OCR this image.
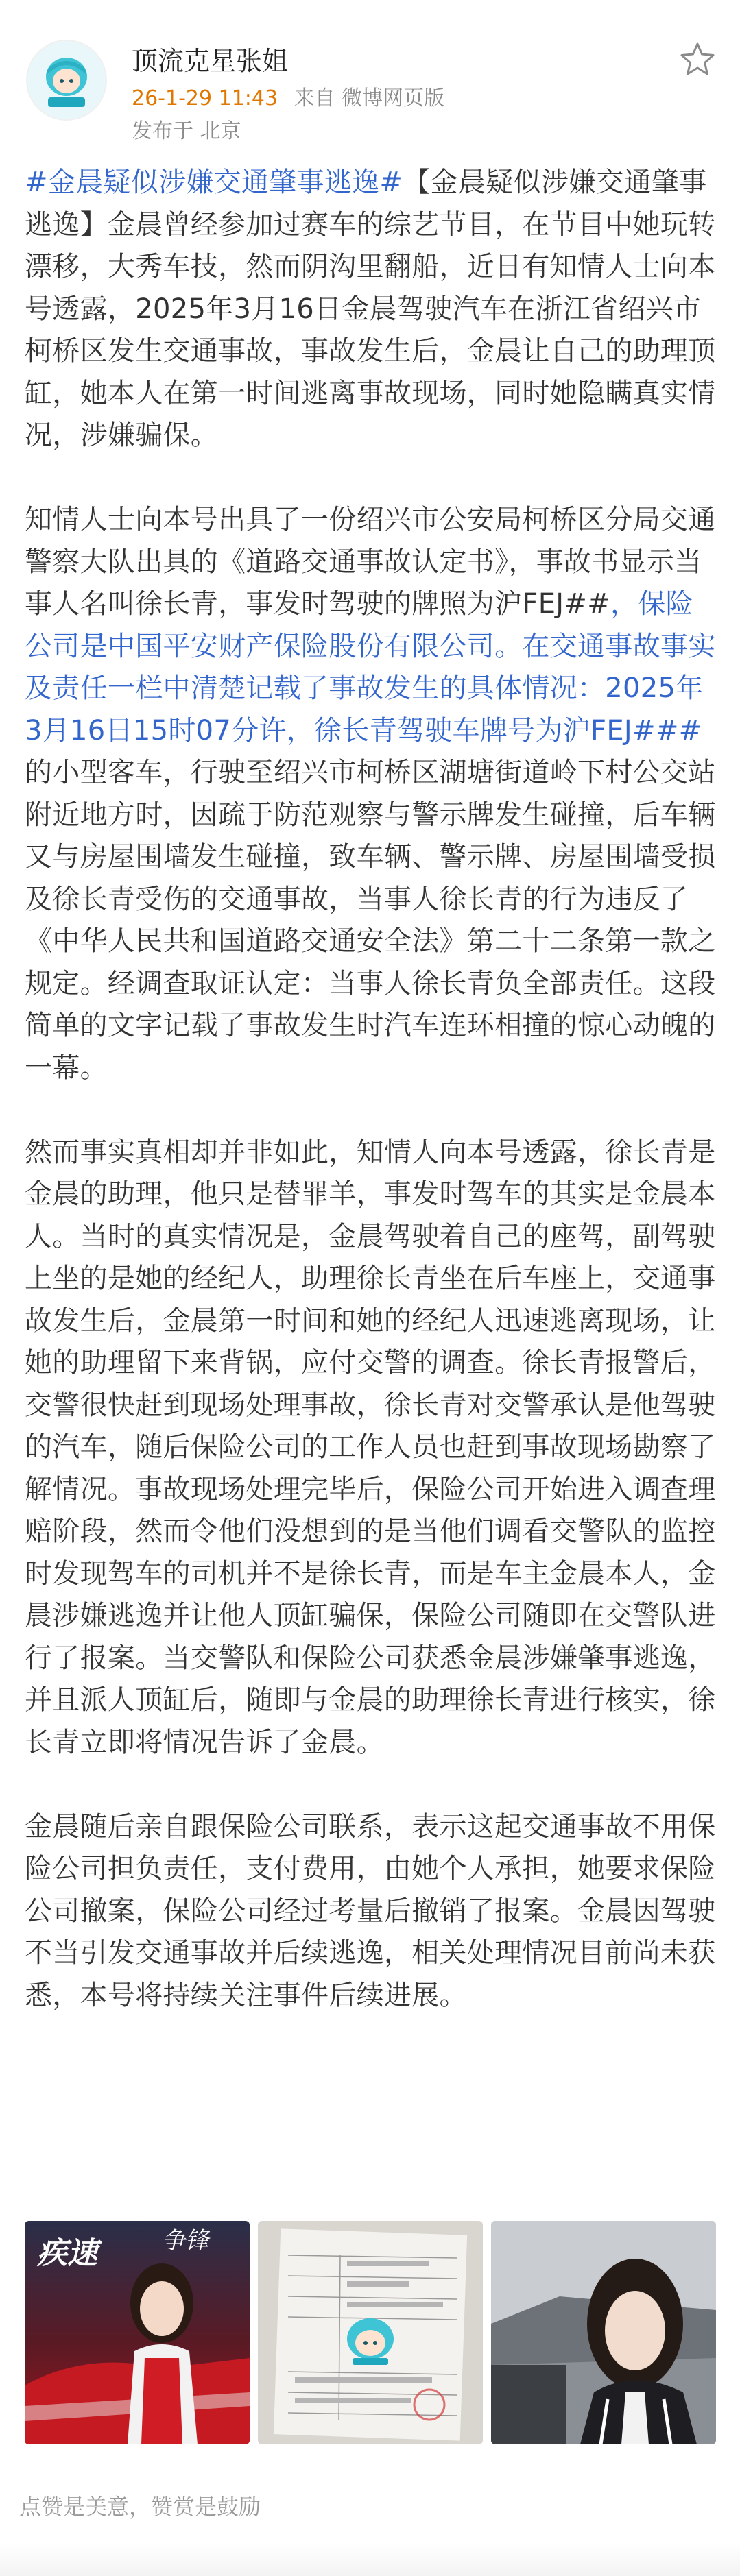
顶流克星张姐
26-1-29 11:43 来自 微博网页版
发布于 北京

#金晨疑似涉嫌交通肇事逃逸#【金晨疑似涉嫌交通肇事逃逸】金晨曾经参加过赛车的综艺节目，在节目中她玩转漂移，大秀车技，然而阴沟里翻船，近日有知情人士向本号透露，2025年3月16日金晨驾驶汽车在浙江省绍兴市柯桥区发生交通事故，事故发生后，金晨让自己的助理顶缸，她本人在第一时间逃离事故现场，同时她隐瞒真实情况，涉嫌骗保。

知情人士向本号出具了一份绍兴市公安局柯桥区分局交通警察大队出具的《道路交通事故认定书》，事故书显示当事人名叫徐长青，事发时驾驶的牌照为沪FEJ##，保险公司是中国平安财产保险股份有限公司。在交通事故事实及责任一栏中清楚记载了事故发生的具体情况：2025年3月16日15时07分许，徐长青驾驶车牌号为沪FEJ###的小型客车，行驶至绍兴市柯桥区湖塘街道岭下村公交站附近地方时，因疏于防范观察与警示牌发生碰撞，后车辆又与房屋围墙发生碰撞，致车辆、警示牌、房屋围墙受损及徐长青受伤的交通事故，当事人徐长青的行为违反了《中华人民共和国道路交通安全法》第二十二条第一款之规定。经调查取证认定：当事人徐长青负全部责任。这段简单的文字记载了事故发生时汽车连环相撞的惊心动魄的一幕。

然而事实真相却并非如此，知情人向本号透露，徐长青是金晨的助理，他只是替罪羊，事发时驾车的其实是金晨本人。当时的真实情况是，金晨驾驶着自己的座驾，副驾驶上坐的是她的经纪人，助理徐长青坐在后车座上，交通事故发生后，金晨第一时间和她的经纪人迅速逃离现场，让她的助理留下来背锅，应付交警的调查。徐长青报警后，交警很快赶到现场处理事故，徐长青对交警承认是他驾驶的汽车，随后保险公司的工作人员也赶到事故现场勘察了解情况。事故现场处理完毕后，保险公司开始进入调查理赔阶段，然而令他们没想到的是当他们调看交警队的监控时发现驾车的司机并不是徐长青，而是车主金晨本人，金晨涉嫌逃逸并让他人顶缸骗保，保险公司随即在交警队进行了报案。当交警队和保险公司获悉金晨涉嫌肇事逃逸，并且派人顶缸后，随即与金晨的助理徐长青进行核实，徐长青立即将情况告诉了金晨。

金晨随后亲自跟保险公司联系，表示这起交通事故不用保险公司担负责任，支付费用，由她个人承担，她要求保险公司撤案，保险公司经过考量后撤销了报案。金晨因驾驶不当引发交通事故并后续逃逸，相关处理情况目前尚未获悉，本号将持续关注事件后续进展。

疾速	争锋
点赞是美意，赞赏是鼓励
